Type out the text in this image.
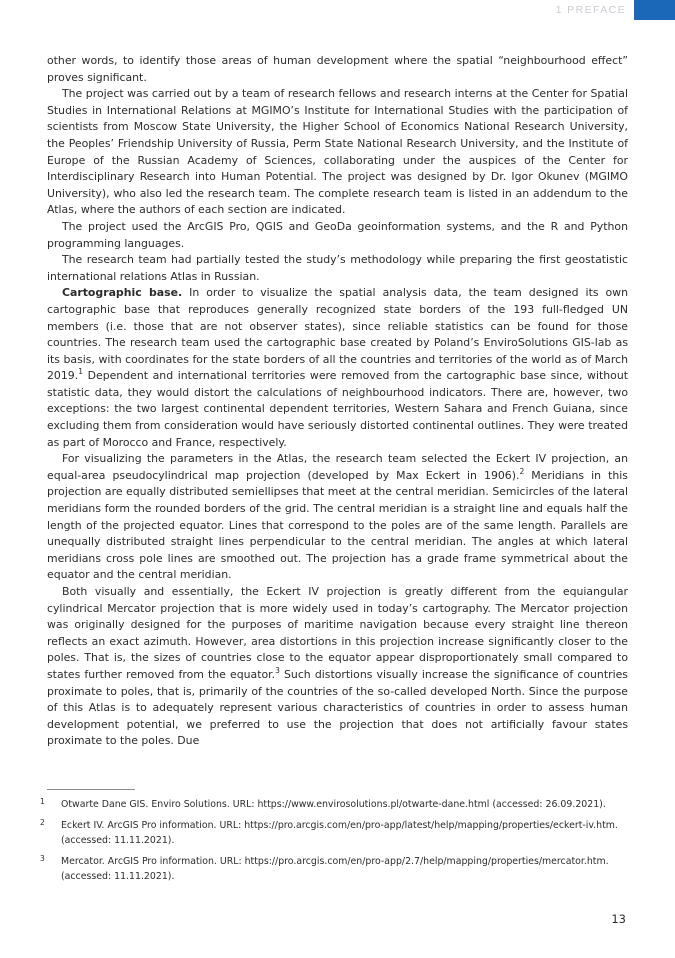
1 PREFACE

other words, to identify those areas of human development where the spatial “neighbourhood effect” proves significant.

The project was carried out by a team of research fellows and research interns at the Center for Spatial Studies in International Relations at MGIMO’s Institute for International Studies with the participation of scientists from Moscow State University, the Higher School of Economics National Research University, the Peoples’ Friendship University of Russia, Perm State National Research University, and the Institute of Europe of the Russian Academy of Sciences, collaborating under the auspices of the Center for Interdisciplinary Research into Human Potential. The project was designed by Dr. Igor Okunev (MGIMO University), who also led the research team. The complete research team is listed in an addendum to the Atlas, where the authors of each section are indicated.

The project used the ArcGIS Pro, QGIS and GeoDa geoinformation systems, and the R and Python programming languages.

The research team had partially tested the study’s methodology while preparing the first geostatistic international relations Atlas in Russian.

Cartographic base. In order to visualize the spatial analysis data, the team designed its own cartographic base that reproduces generally recognized state borders of the 193 full-fledged UN members (i.e. those that are not observer states), since reliable statistics can be found for those countries. The research team used the cartographic base created by Poland’s EnviroSolutions GIS-lab as its basis, with coordinates for the state borders of all the countries and territories of the world as of March 2019.$^1$ Dependent and international territories were removed from the cartographic base since, without statistic data, they would distort the calculations of neighbourhood indicators. There are, however, two exceptions: the two largest continental dependent territories, Western Sahara and French Guiana, since excluding them from consideration would have seriously distorted continental outlines. They were treated as part of Morocco and France, respectively.

For visualizing the parameters in the Atlas, the research team selected the Eckert IV projection, an equal-area pseudocylindrical map projection (developed by Max Eckert in 1906).$^2$ Meridians in this projection are equally distributed semiellipses that meet at the central meridian. Semicircles of the lateral meridians form the rounded borders of the grid. The central meridian is a straight line and equals half the length of the projected equator. Lines that correspond to the poles are of the same length. Parallels are unequally distributed straight lines perpendicular to the central meridian. The angles at which lateral meridians cross pole lines are smoothed out. The projection has a grade frame symmetrical about the equator and the central meridian.

Both visually and essentially, the Eckert IV projection is greatly different from the equiangular cylindrical Mercator projection that is more widely used in today’s cartography. The Mercator projection was originally designed for the purposes of maritime navigation because every straight line thereon reflects an exact azimuth. However, area distortions in this projection increase significantly closer to the poles. That is, the sizes of countries close to the equator appear disproportionately small compared to states further removed from the equator.$^3$ Such distortions visually increase the significance of countries proximate to poles, that is, primarily of the countries of the so-called developed North. Since the purpose of this Atlas is to adequately represent various characteristics of countries in order to assess human development potential, we preferred to use the projection that does not artificially favour states proximate to the poles. Due

1	Otwarte Dane GIS. Enviro Solutions. URL: https://www.envirosolutions.pl/otwarte-dane.html (accessed: 26.09.2021).
2	Eckert IV. ArcGIS Pro information. URL: https://pro.arcgis.com/en/pro-app/latest/help/mapping/properties/eckert-iv.htm. (accessed: 11.11.2021).
3	Mercator. ArcGIS Pro information. URL: https://pro.arcgis.com/en/pro-app/2.7/help/mapping/properties/mercator.htm. (accessed: 11.11.2021).
13
